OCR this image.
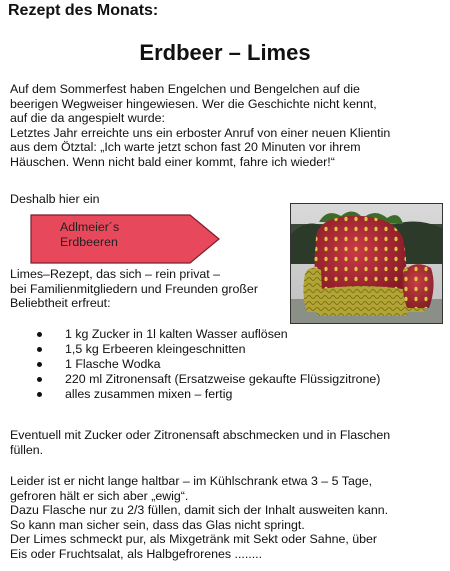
Rezept des Monats:
Erdbeer – Limes
Auf dem Sommerfest haben Engelchen und Bengelchen auf die
beerigen Wegweiser hingewiesen. Wer die Geschichte nicht kennt,
auf die da angespielt wurde:
Letztes Jahr erreichte uns ein erboster Anruf von einer neuen Klientin
aus dem Ötztal: „Ich warte jetzt schon fast 20 Minuten vor ihrem
Häuschen. Wenn nicht bald einer kommt, fahre ich wieder!“
Deshalb hier ein
Adlmeier´s
Erdbeeren
Limes–Rezept, das sich – rein privat –
bei Familienmitgliedern und Freunden großer
Beliebtheit erfreut:
1 kg Zucker in 1l kalten Wasser auflösen
1,5 kg Erbeeren kleingeschnitten
1 Flasche Wodka
220 ml Zitronensaft (Ersatzweise gekaufte Flüssigzitrone)
alles zusammen mixen – fertig
Eventuell mit Zucker oder Zitronensaft abschmecken und in Flaschen
füllen.
Leider ist er nicht lange haltbar – im Kühlschrank etwa 3 – 5 Tage,
gefroren hält er sich aber „ewig“.
Dazu Flasche nur zu 2/3 füllen, damit sich der Inhalt ausweiten kann.
So kann man sicher sein, dass das Glas nicht springt.
Der Limes schmeckt pur, als Mixgetränk mit Sekt oder Sahne, über
Eis oder Fruchtsalat, als Halbgefrorenes ........
